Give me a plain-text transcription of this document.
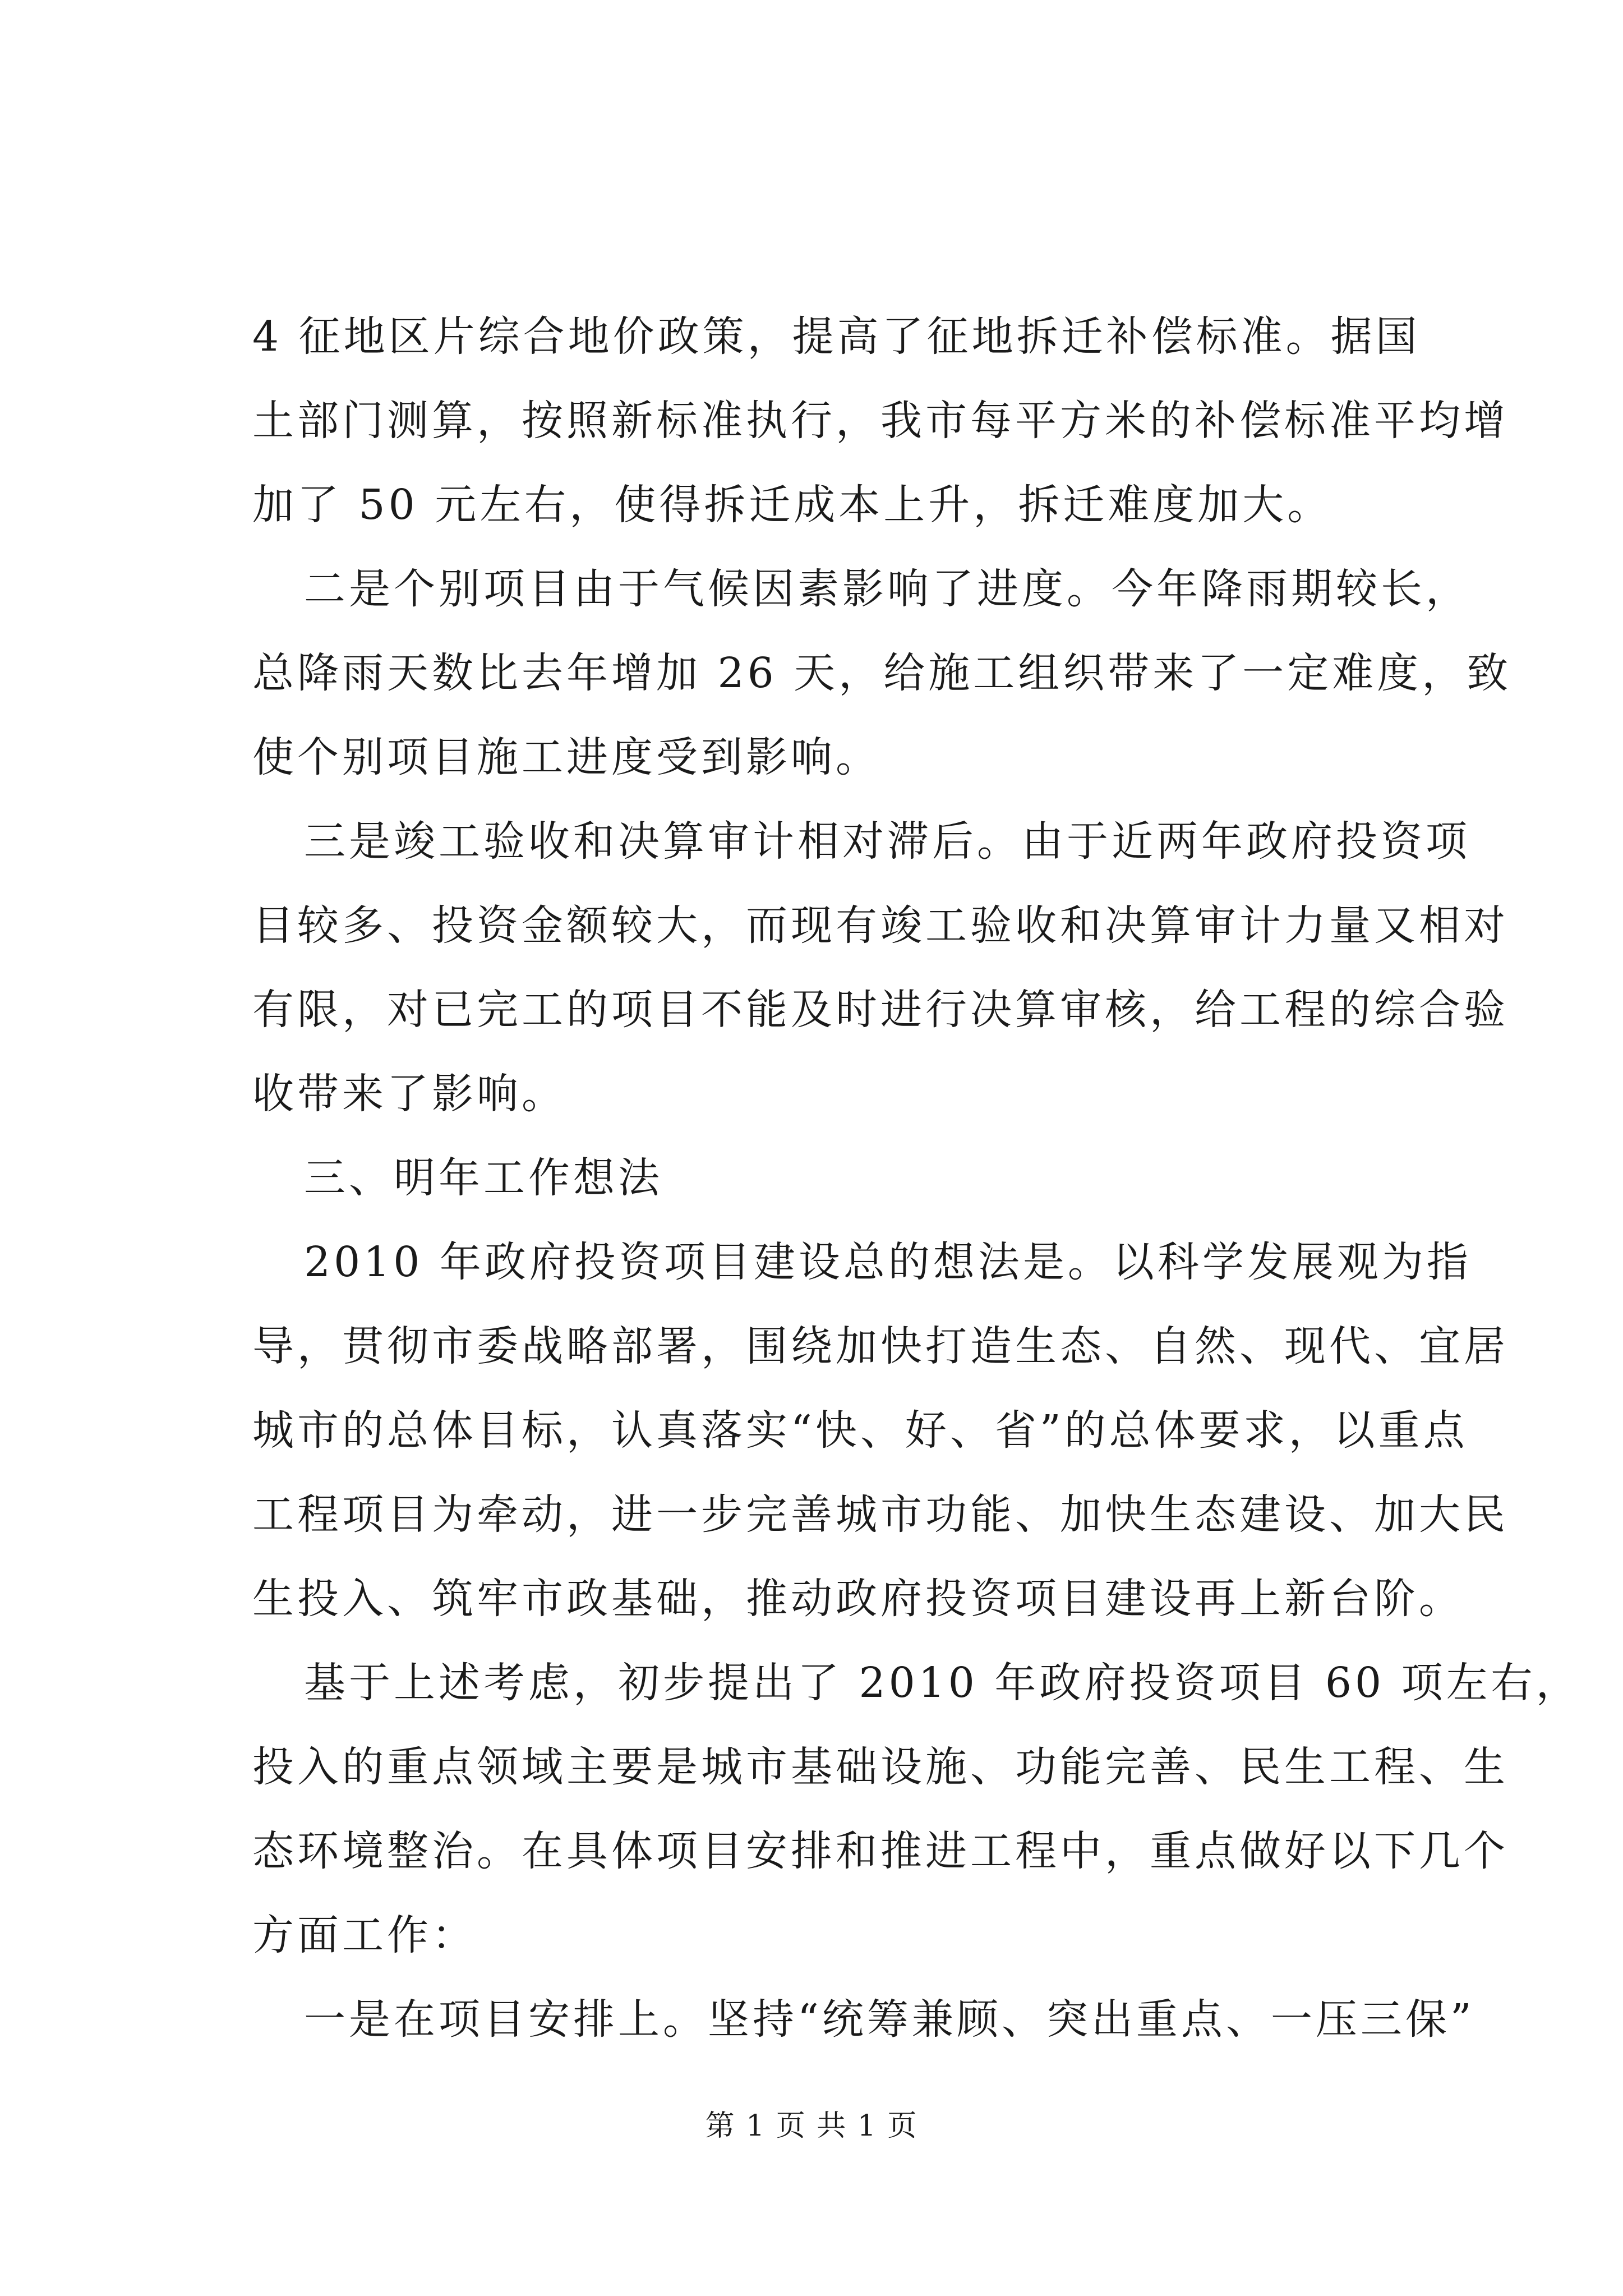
4 征地区片综合地价政策，提高了征地拆迁补偿标准。据国
土部门测算，按照新标准执行，我市每平方米的补偿标准平均增
加了 50 元左右，使得拆迁成本上升，拆迁难度加大。
二是个别项目由于气候因素影响了进度。今年降雨期较长，
总降雨天数比去年增加 26 天，给施工组织带来了一定难度，致
使个别项目施工进度受到影响。
三是竣工验收和决算审计相对滞后。由于近两年政府投资项
目较多、投资金额较大，而现有竣工验收和决算审计力量又相对
有限，对已完工的项目不能及时进行决算审核，给工程的综合验
收带来了影响。
三、明年工作想法
2010 年政府投资项目建设总的想法是。以科学发展观为指
导，贯彻市委战略部署，围绕加快打造生态、自然、现代、宜居
城市的总体目标，认真落实“快、好、省”的总体要求，以重点
工程项目为牵动，进一步完善城市功能、加快生态建设、加大民
生投入、筑牢市政基础，推动政府投资项目建设再上新台阶。
基于上述考虑，初步提出了 2010 年政府投资项目 60 项左右，
投入的重点领域主要是城市基础设施、功能完善、民生工程、生
态环境整治。在具体项目安排和推进工程中，重点做好以下几个
方面工作：
一是在项目安排上。坚持“统筹兼顾、突出重点、一压三保”
第 1 页 共 1 页
